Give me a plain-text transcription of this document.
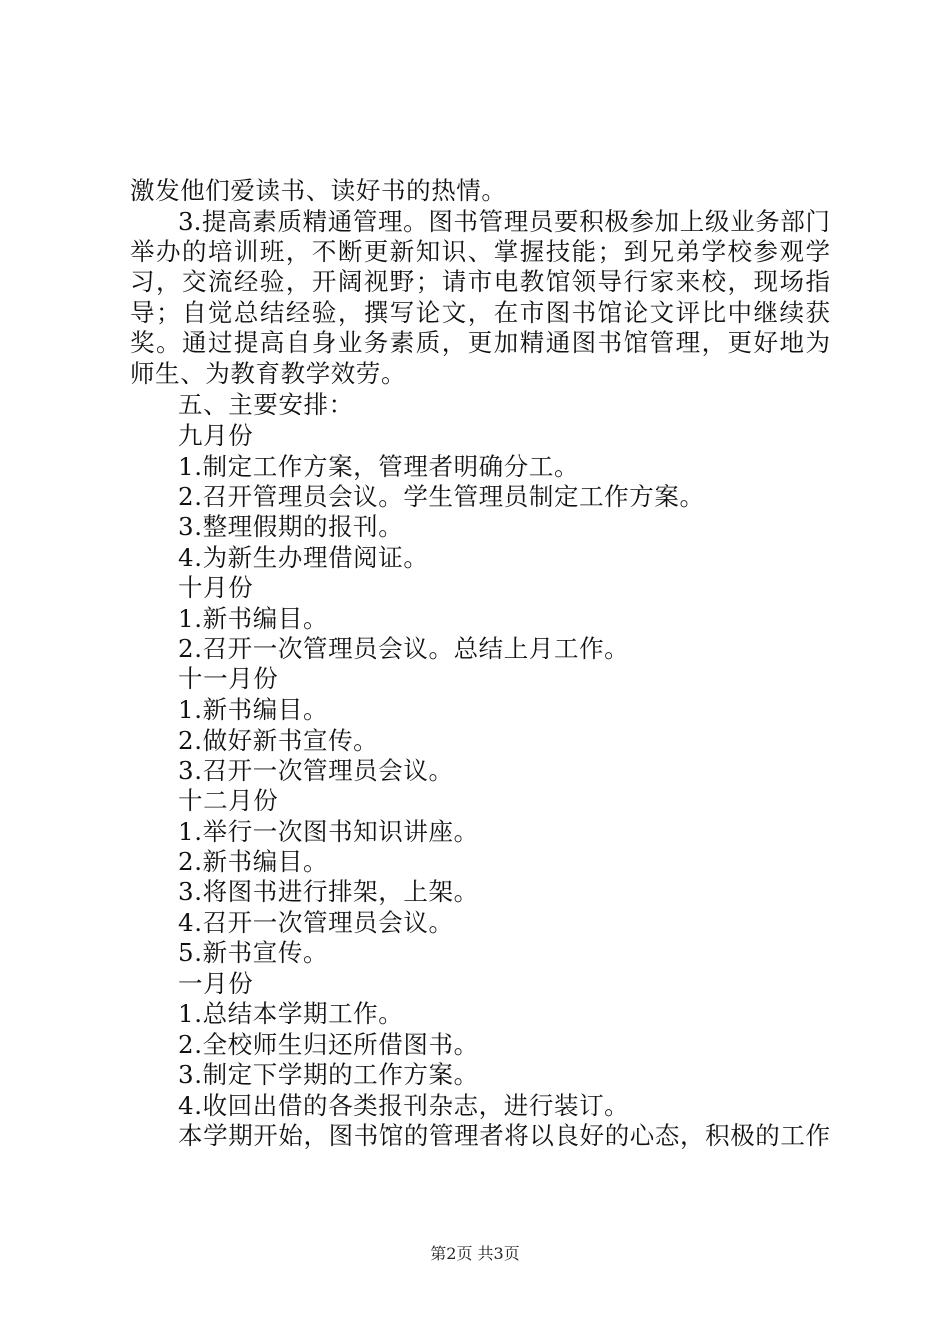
激发他们爱读书、读好书的热情。
3.提高素质精通管理。图书管理员要积极参加上级业务部门
举办的培训班，不断更新知识、掌握技能；到兄弟学校参观学
习，交流经验，开阔视野；请市电教馆领导行家来校，现场指
导；自觉总结经验，撰写论文，在市图书馆论文评比中继续获
奖。通过提高自身业务素质，更加精通图书馆管理，更好地为
师生、为教育教学效劳。
五、主要安排：
九月份
1.制定工作方案，管理者明确分工。
2.召开管理员会议。学生管理员制定工作方案。
3.整理假期的报刊。
4.为新生办理借阅证。
十月份
1.新书编目。
2.召开一次管理员会议。总结上月工作。
十一月份
1.新书编目。
2.做好新书宣传。
3.召开一次管理员会议。
十二月份
1.举行一次图书知识讲座。
2.新书编目。
3.将图书进行排架，上架。
4.召开一次管理员会议。
5.新书宣传。
一月份
1.总结本学期工作。
2.全校师生归还所借图书。
3.制定下学期的工作方案。
4.收回出借的各类报刊杂志，进行装订。
本学期开始，图书馆的管理者将以良好的心态，积极的工作
第2页 共3页
